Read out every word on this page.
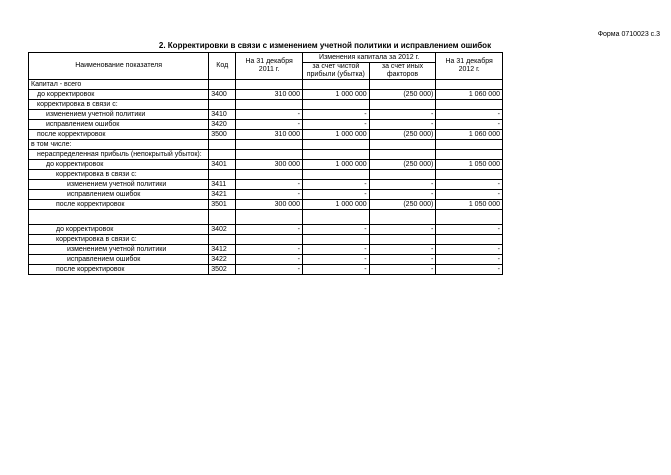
Форма 0710023 с.3
2. Корректировки в связи с изменением учетной политики и исправлением ошибок
Наименование показателя	Код	На 31 декабря 2011 г.	Изменения капитала за 2012 г.		На 31 декабря 2012 г.
			за счет чистой прибыли (убытка)	за счет иных факторов	
Капитал - всего					
до корректировок	3400	310 000	1 000 000	(250 000)	1 060 000
корректировка в связи с:					
изменением учетной политики	3410	-	-	-	-
исправлением ошибок	3420	-	-	-	-
после корректировок	3500	310 000	1 000 000	(250 000)	1 060 000
в том числе:					
нераспределенная прибыль (непокрытый убыток):					
до корректировок	3401	300 000	1 000 000	(250 000)	1 050 000
корректировка в связи с:					
изменением учетной политики	3411	-	-	-	-
исправлением ошибок	3421	-	-	-	-
после корректировок	3501	300 000	1 000 000	(250 000)	1 050 000

до корректировок	3402	-	-	-	-
корректировка в связи с:					
изменением учетной политики	3412	-	-	-	-
исправлением ошибок	3422	-	-	-	-
после корректировок	3502	-	-	-	-
